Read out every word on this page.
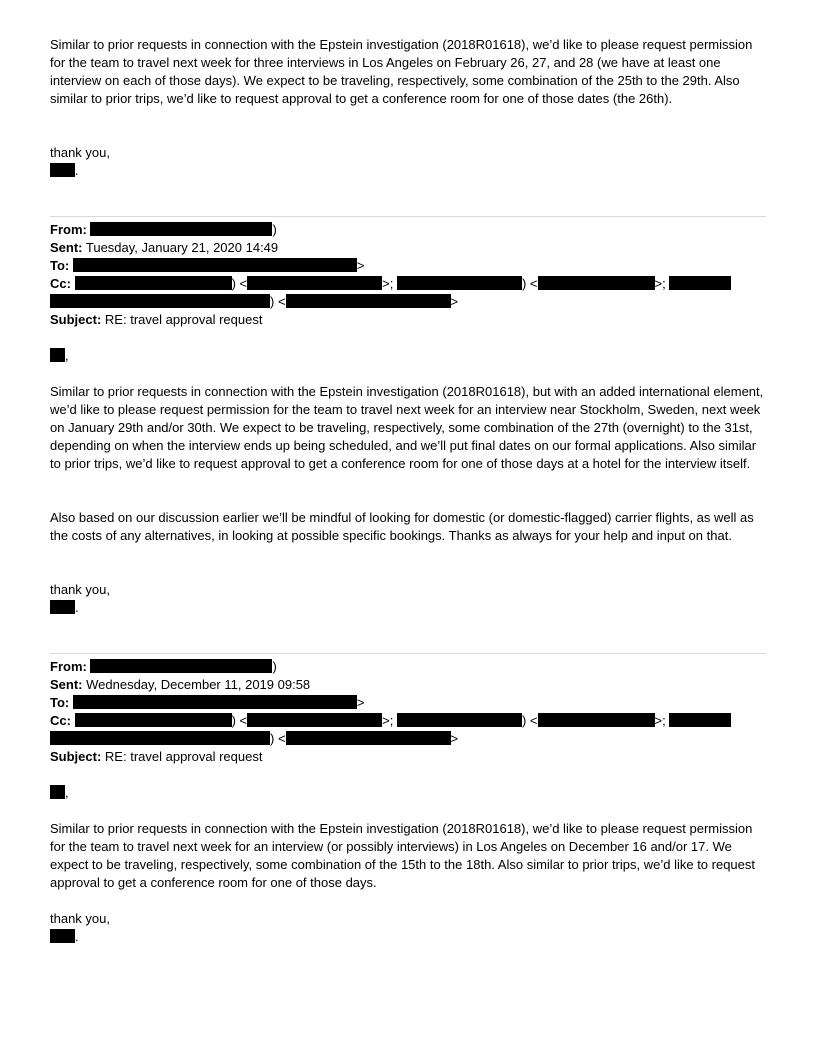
Similar to prior requests in connection with the Epstein investigation (2018R01618), we’d like to please request permission for the team to travel next week for three interviews in Los Angeles on February 26, 27, and 28 (we have at least one interview on each of those days). We expect to be traveling, respectively, some combination of the 25th to the 29th. Also similar to prior trips, we’d like to request approval to get a conference room for one of those dates (the 26th).

thank you,
.
From:	)
Sent: Tuesday, January 21, 2020 14:49
To:	>
Cc:	) <	>;	) <	>;
) <	>
Subject: RE: travel approval request
,

Similar to prior requests in connection with the Epstein investigation (2018R01618), but with an added international element, we’d like to please request permission for the team to travel next week for an interview near Stockholm, Sweden, next week on January 29th and/or 30th. We expect to be traveling, respectively, some combination of the 27th (overnight) to the 31st, depending on when the interview ends up being scheduled, and we’ll put final dates on our formal applications. Also similar to prior trips, we’d like to request approval to get a conference room for one of those days at a hotel for the interview itself.

Also based on our discussion earlier we’ll be mindful of looking for domestic (or domestic-flagged) carrier flights, as well as the costs of any alternatives, in looking at possible specific bookings. Thanks as always for your help and input on that.

thank you,
.
From:	)
Sent: Wednesday, December 11, 2019 09:58
To:	>
Cc:	) <	>;	) <	>;
) <	>
Subject: RE: travel approval request
,

Similar to prior requests in connection with the Epstein investigation (2018R01618), we’d like to please request permission for the team to travel next week for an interview (or possibly interviews) in Los Angeles on December 16 and/or 17. We expect to be traveling, respectively, some combination of the 15th to the 18th. Also similar to prior trips, we’d like to request approval to get a conference room for one of those days.

thank you,
.
